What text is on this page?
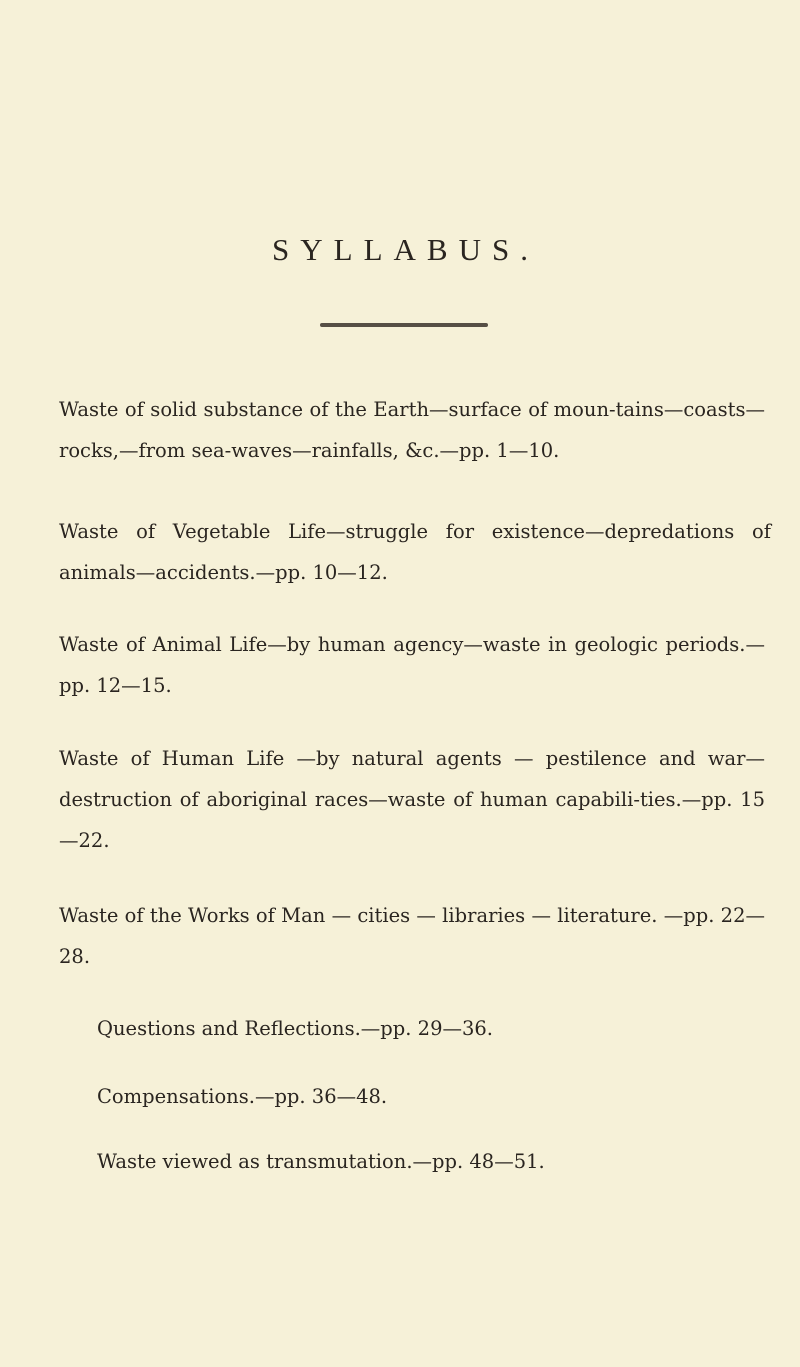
SYLLABUS.

Waste of solid substance of the Earth—surface of moun-tains—coasts—rocks,—from sea-waves—rainfalls, &c.—pp. 1—10.

Waste of Vegetable Life—struggle for existence—depredations of animals—accidents.—pp. 10—12.

Waste of Animal Life—by human agency—waste in geologic periods.—pp. 12—15.

Waste of Human Life —by natural agents — pestilence and war—destruction of aboriginal races—waste of human capabili-ties.—pp. 15—22.

Waste of the Works of Man — cities — libraries — literature. —pp. 22—28.

Questions and Reflections.—pp. 29—36.

Compensations.—pp. 36—48.

Waste viewed as transmutation.—pp. 48—51.
